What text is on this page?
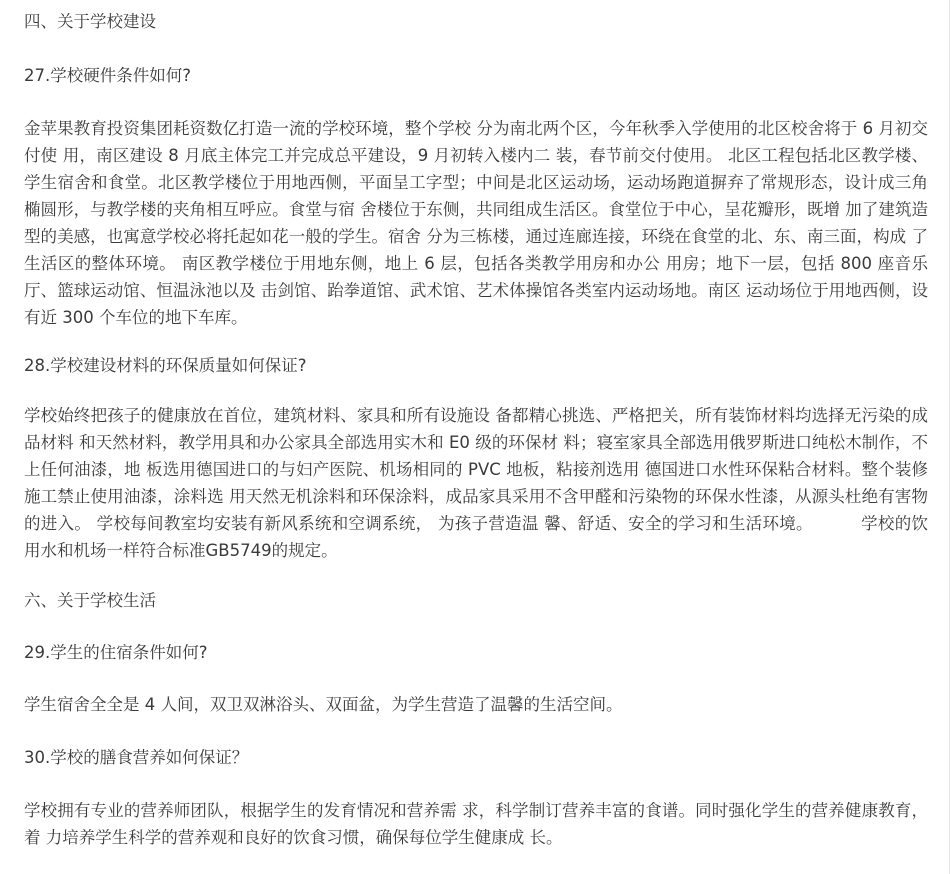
四、关于学校建设

27.学校硬件条件如何?

金苹果教育投资集团耗资数亿打造一流的学校环境，整个学校 分为南北两个区，今年秋季入学使用的北区校舍将于 6 月初交付使 用，南区建设 8 月底主体完工并完成总平建设，9 月初转入楼内二 装，春节前交付使用。 北区工程包括北区教学楼、学生宿舍和食堂。北区教学楼位于用地西侧，平面呈工字型；中间是北区运动场，运动场跑道摒弃了常规形态，设计成三角椭圆形，与教学楼的夹角相互呼应。食堂与宿 舍楼位于东侧，共同组成生活区。食堂位于中心，呈花瓣形，既增 加了建筑造型的美感，也寓意学校必将托起如花一般的学生。宿舍 分为三栋楼，通过连廊连接，环绕在食堂的北、东、南三面，构成 了生活区的整体环境。 南区教学楼位于用地东侧，地上 6 层，包括各类教学用房和办公 用房；地下一层，包括 800 座音乐厅、篮球运动馆、恒温泳池以及 击剑馆、跆拳道馆、武术馆、艺术体操馆各类室内运动场地。南区 运动场位于用地西侧，设有近 300 个车位的地下车库。

28.学校建设材料的环保质量如何保证?

学校始终把孩子的健康放在首位，建筑材料、家具和所有设施设 备都精心挑选、严格把关，所有装饰材料均选择无污染的成品材料 和天然材料，教学用具和办公家具全部选用实木和 E0 级的环保材 料；寝室家具全部选用俄罗斯进口纯松木制作，不上任何油漆，地 板选用德国进口的与妇产医院、机场相同的 PVC 地板，粘接剂选用 德国进口水性环保粘合材料。整个装修施工禁止使用油漆，涂料选 用天然无机涂料和环保涂料，成品家具采用不含甲醛和污染物的环保水性漆，从源头杜绝有害物的进入。 学校每间教室均安装有新风系统和空调系统， 为孩子营造温 馨、舒适、安全的学习和生活环境。	学校的饮用水和机场一样符合标准GB5749的规定。

六、关于学校生活

29.学生的住宿条件如何?

学生宿舍全全是 4 人间，双卫双淋浴头、双面盆，为学生营造了温馨的生活空间。

30.学校的膳食营养如何保证？

学校拥有专业的营养师团队，根据学生的发育情况和营养需 求，科学制订营养丰富的食谱。同时强化学生的营养健康教育，着 力培养学生科学的营养观和良好的饮食习惯，确保每位学生健康成 长。
